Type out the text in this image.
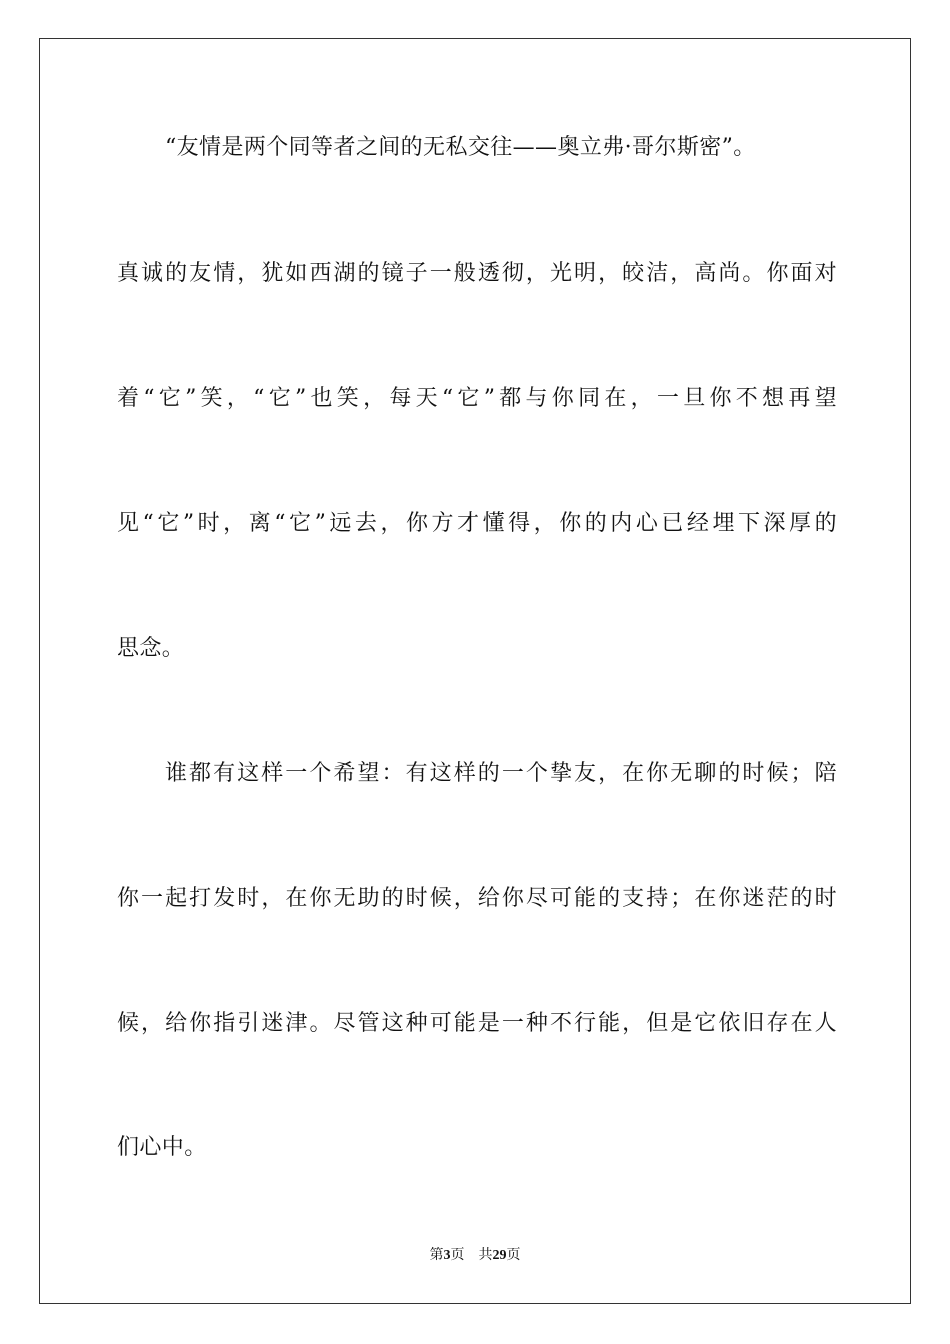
“友情是两个同等者之间的无私交往——奥立弗·哥尔斯密”。
真诚的友情，犹如西湖的镜子一般透彻，光明，皎洁，高尚。你面对
着“它”笑，“它”也笑，每天“它”都与你同在，一旦你不想再望
见“它”时，离“它”远去，你方才懂得，你的内心已经埋下深厚的
思念。
谁都有这样一个希望：有这样的一个挚友，在你无聊的时候；陪
你一起打发时，在你无助的时候，给你尽可能的支持；在你迷茫的时
候，给你指引迷津。尽管这种可能是一种不行能，但是它依旧存在人
们心中。
第3页 共29页
